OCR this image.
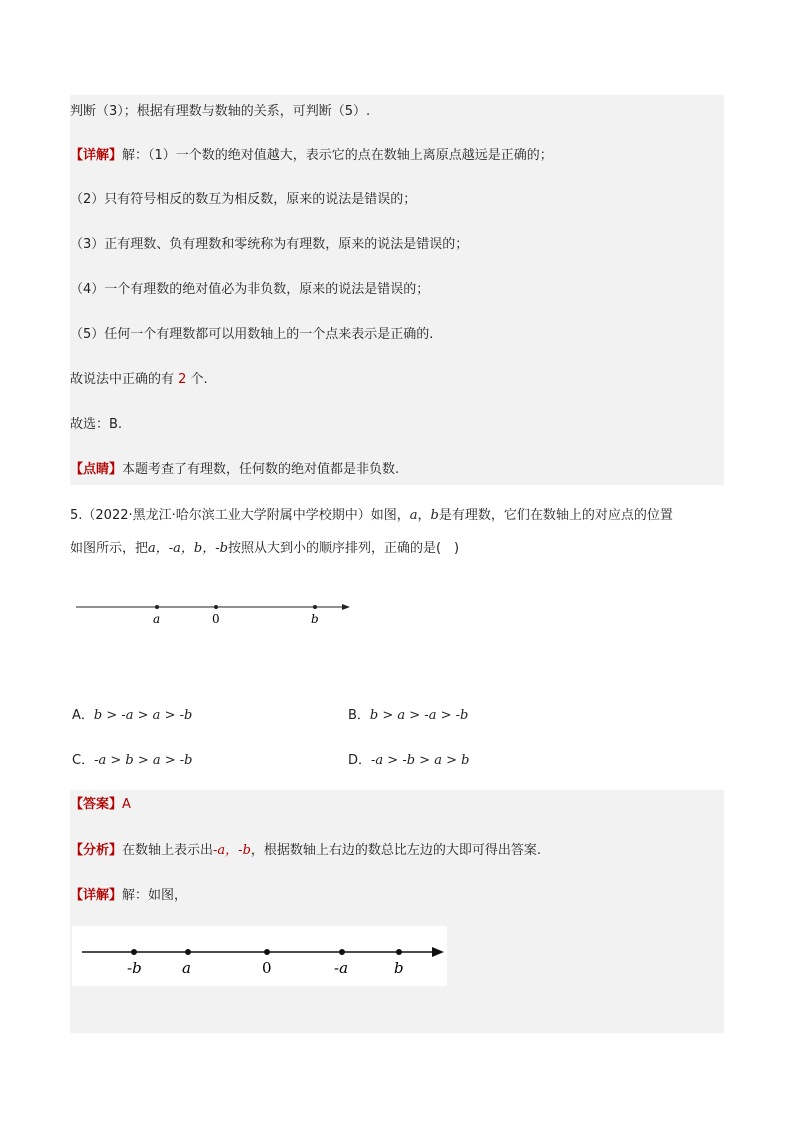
判断（3）；根据有理数与数轴的关系，可判断（5）.
【详解】解：（1）一个数的绝对值越大，表示它的点在数轴上离原点越远是正确的；
（2）只有符号相反的数互为相反数，原来的说法是错误的；
（3）正有理数、负有理数和零统称为有理数，原来的说法是错误的；
（4）一个有理数的绝对值必为非负数，原来的说法是错误的；
（5）任何一个有理数都可以用数轴上的一个点来表示是正确的.
故说法中正确的有 2 个.
故选：B.
【点睛】本题考查了有理数，任何数的绝对值都是非负数.
5.（2022·黑龙江·哈尔滨工业大学附属中学校期中）如图，a，b是有理数，它们在数轴上的对应点的位置
如图所示，把a，-a，b，-b按照从大到小的顺序排列，正确的是(　)
a	0	b
A．b > -a > a > -b	B．b > a > -a > -b
C．-a > b > a > -b	D．-a > -b > a > b
【答案】A
【分析】在数轴上表示出-a，-b，根据数轴上右边的数总比左边的大即可得出答案.
【详解】解：如图，
-b	a	0	-a	b
